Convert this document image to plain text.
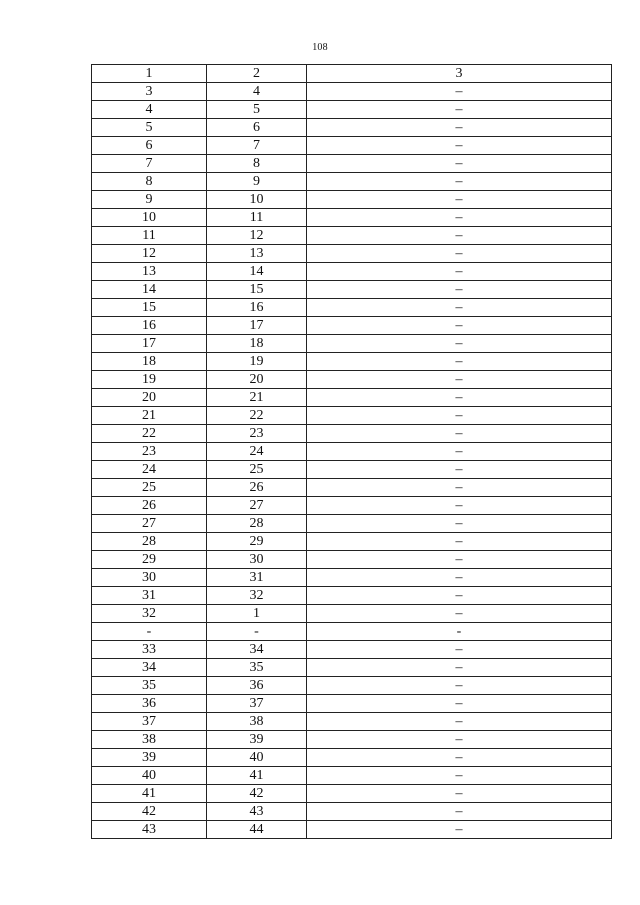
108
1	2	3
3	4	–
4	5	–
5	6	–
6	7	–
7	8	–
8	9	–
9	10	–
10	11	–
11	12	–
12	13	–
13	14	–
14	15	–
15	16	–
16	17	–
17	18	–
18	19	–
19	20	–
20	21	–
21	22	–
22	23	–
23	24	–
24	25	–
25	26	–
26	27	–
27	28	–
28	29	–
29	30	–
30	31	–
31	32	–
32	1	–
-	-	-
33	34	–
34	35	–
35	36	–
36	37	–
37	38	–
38	39	–
39	40	–
40	41	–
41	42	–
42	43	–
43	44	–
